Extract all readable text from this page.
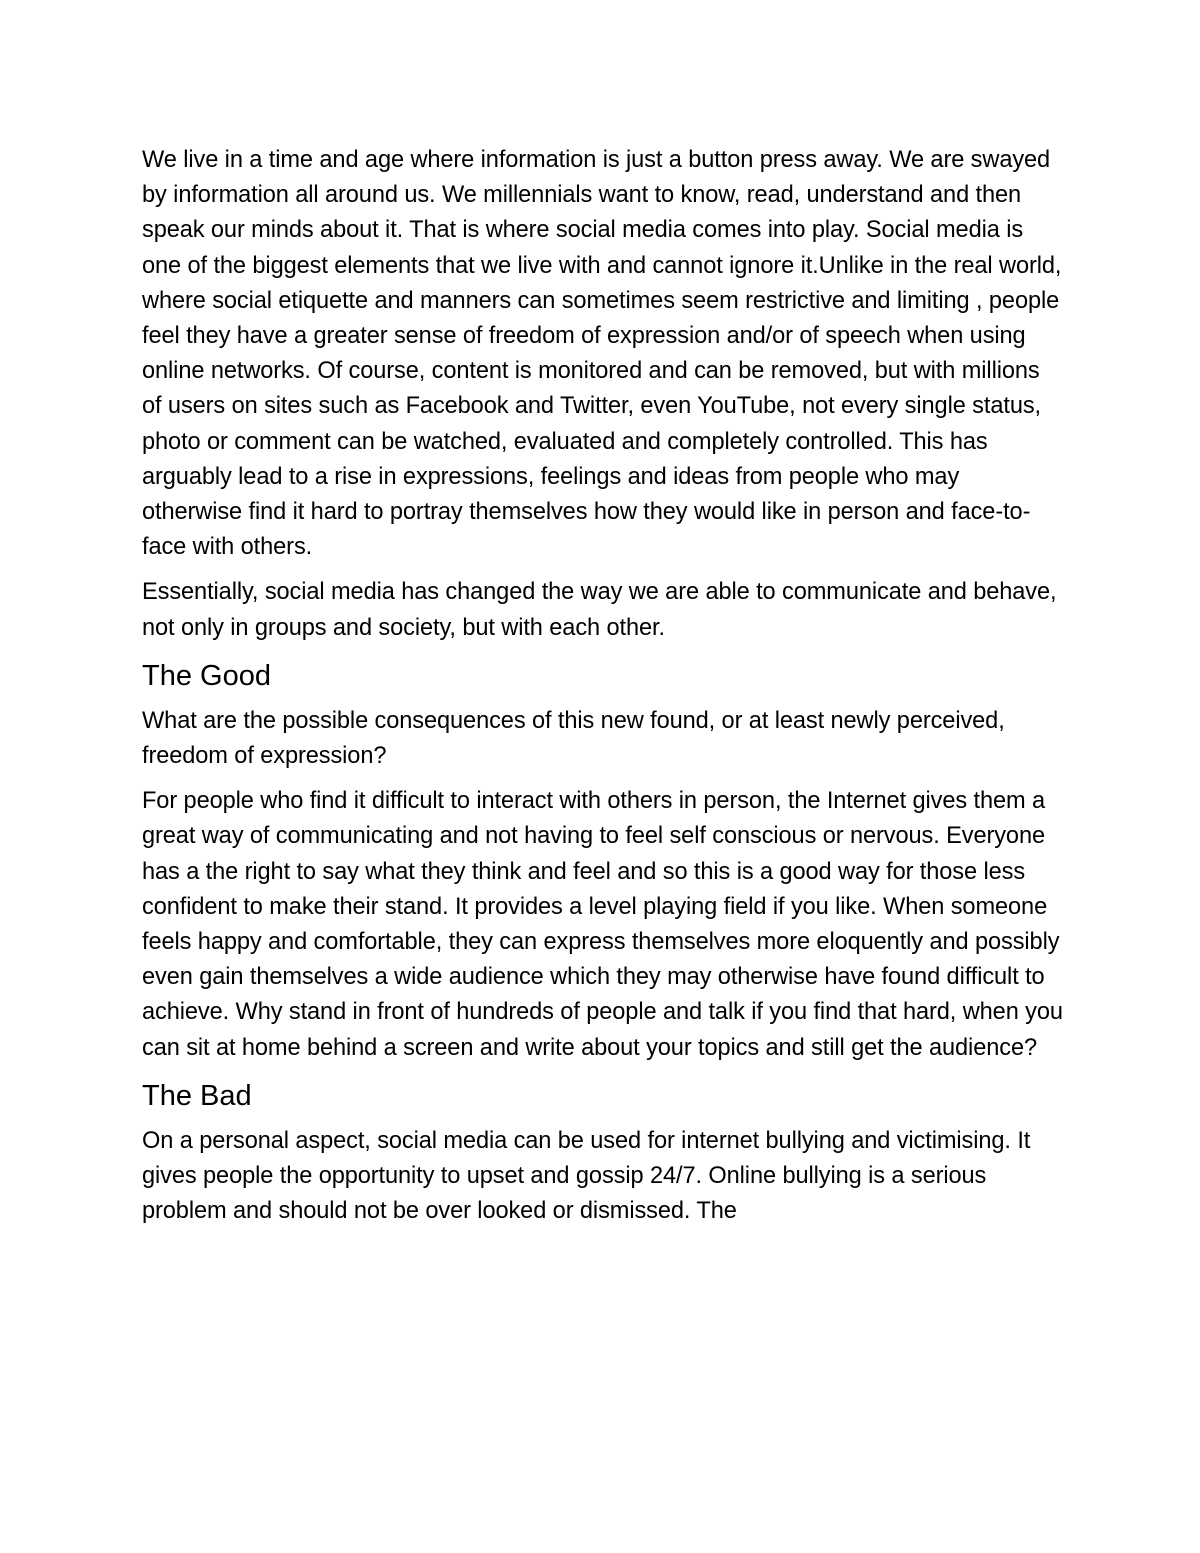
We live in a time and age where information is just a button press away. We are swayed by information all around us. We millennials want to know, read, understand and then speak our minds about it. That is where social media comes into play. Social media is one of the biggest elements that we live with and cannot ignore it.Unlike in the real world, where social etiquette and manners can sometimes seem restrictive and limiting , people feel they have a greater sense of freedom of expression and/or of speech when using online networks. Of course, content is monitored and can be removed, but with millions of users on sites such as Facebook and Twitter, even YouTube, not every single status, photo or comment can be watched, evaluated and completely controlled. This has arguably lead to a rise in expressions, feelings and ideas from people who may otherwise find it hard to portray themselves how they would like in person and face-to-face with others.

Essentially, social media has changed the way we are able to communicate and behave, not only in groups and society, but with each other.

The Good

What are the possible consequences of this new found, or at least newly perceived, freedom of expression?

For people who find it difficult to interact with others in person, the Internet gives them a great way of communicating and not having to feel self conscious or nervous. Everyone has a the right to say what they think and feel and so this is a good way for those less confident to make their stand. It provides a level playing field if you like. When someone feels happy and comfortable, they can express themselves more eloquently and possibly even gain themselves a wide audience which they may otherwise have found difficult to achieve. Why stand in front of hundreds of people and talk if you find that hard, when you can sit at home behind a screen and write about your topics and still get the audience?

The Bad

On a personal aspect, social media can be used for internet bullying and victimising. It gives people the opportunity to upset and gossip 24/7. Online bullying is a serious problem and should not be over looked or dismissed. The
